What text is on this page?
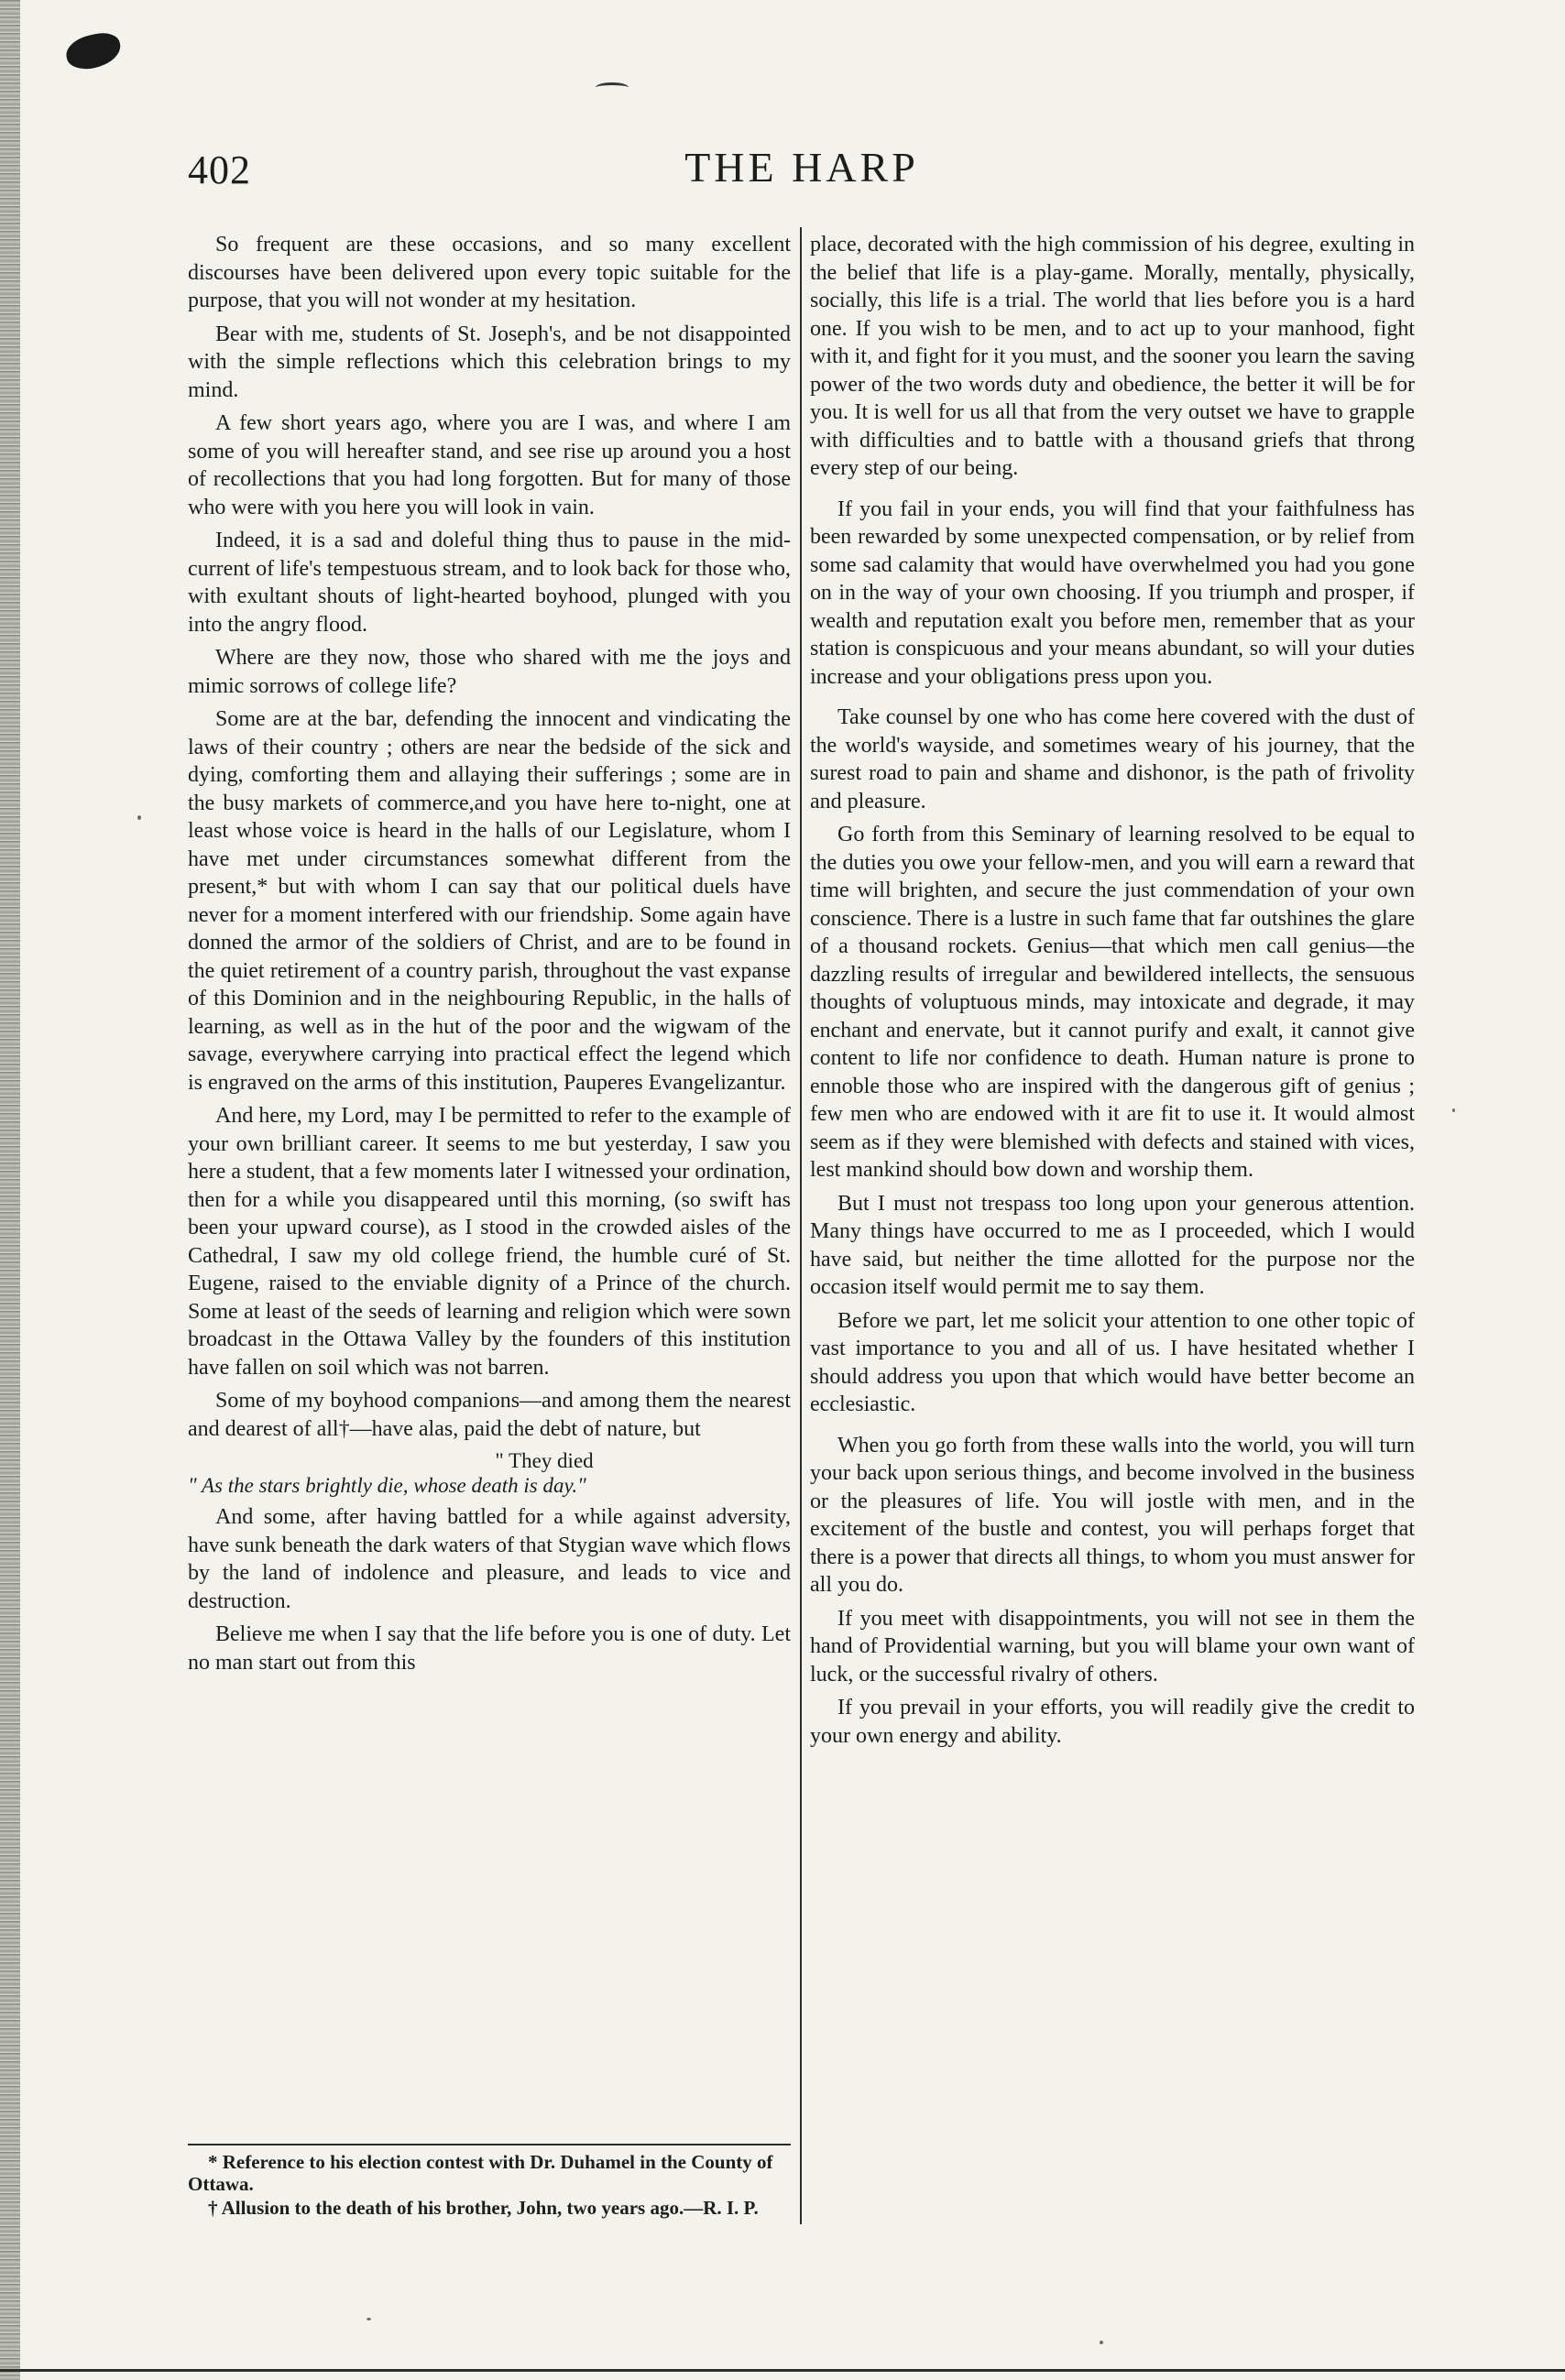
402	THE HARP

So frequent are these occasions, and so many excellent discourses have been delivered upon every topic suitable for the purpose, that you will not wonder at my hesitation.

Bear with me, students of St. Joseph's, and be not disappointed with the simple reflections which this celebration brings to my mind.

A few short years ago, where you are I was, and where I am some of you will hereafter stand, and see rise up around you a host of recollections that you had long forgotten. But for many of those who were with you here you will look in vain.

Indeed, it is a sad and doleful thing thus to pause in the mid-current of life's tempestuous stream, and to look back for those who, with exultant shouts of light-hearted boyhood, plunged with you into the angry flood.

Where are they now, those who shared with me the joys and mimic sorrows of college life?

Some are at the bar, defending the innocent and vindicating the laws of their country ; others are near the bedside of the sick and dying, comforting them and allaying their sufferings ; some are in the busy markets of commerce,and you have here to-night, one at least whose voice is heard in the halls of our Legislature, whom I have met under circumstances somewhat different from the present,* but with whom I can say that our political duels have never for a moment interfered with our friendship. Some again have donned the armor of the soldiers of Christ, and are to be found in the quiet retirement of a country parish, throughout the vast expanse of this Dominion and in the neighbouring Republic, in the halls of learning, as well as in the hut of the poor and the wigwam of the savage, everywhere carrying into practical effect the legend which is engraved on the arms of this institution, Pauperes Evangelizantur.

And here, my Lord, may I be permitted to refer to the example of your own brilliant career. It seems to me but yesterday, I saw you here a student, that a few moments later I witnessed your ordination, then for a while you disappeared until this morning, (so swift has been your upward course), as I stood in the crowded aisles of the Cathedral, I saw my old college friend, the humble curé of St. Eugene, raised to the enviable dignity of a Prince of the church. Some at least of the seeds of learning and religion which were sown broadcast in the Ottawa Valley by the founders of this institution have fallen on soil which was not barren.

Some of my boyhood companions—and among them the nearest and dearest of all†—have alas, paid the debt of nature, but

" They died
" As the stars brightly die, whose death is day."

And some, after having battled for a while against adversity, have sunk beneath the dark waters of that Stygian wave which flows by the land of indolence and pleasure, and leads to vice and destruction.

Believe me when I say that the life before you is one of duty. Let no man start out from this

* Reference to his election contest with Dr. Duhamel in the County of Ottawa.

† Allusion to the death of his brother, John, two years ago.—R. I. P.

place, decorated with the high commission of his degree, exulting in the belief that life is a play-game. Morally, mentally, physically, socially, this life is a trial. The world that lies before you is a hard one. If you wish to be men, and to act up to your manhood, fight with it, and fight for it you must, and the sooner you learn the saving power of the two words duty and obedience, the better it will be for you. It is well for us all that from the very outset we have to grapple with difficulties and to battle with a thousand griefs that throng every step of our being.

If you fail in your ends, you will find that your faithfulness has been rewarded by some unexpected compensation, or by relief from some sad calamity that would have overwhelmed you had you gone on in the way of your own choosing. If you triumph and prosper, if wealth and reputation exalt you before men, remember that as your station is conspicuous and your means abundant, so will your duties increase and your obligations press upon you.

Take counsel by one who has come here covered with the dust of the world's wayside, and sometimes weary of his journey, that the surest road to pain and shame and dishonor, is the path of frivolity and pleasure.

Go forth from this Seminary of learning resolved to be equal to the duties you owe your fellow-men, and you will earn a reward that time will brighten, and secure the just commendation of your own conscience. There is a lustre in such fame that far outshines the glare of a thousand rockets. Genius—that which men call genius—the dazzling results of irregular and bewildered intellects, the sensuous thoughts of voluptuous minds, may intoxicate and degrade, it may enchant and enervate, but it cannot purify and exalt, it cannot give content to life nor confidence to death. Human nature is prone to ennoble those who are inspired with the dangerous gift of genius ; few men who are endowed with it are fit to use it. It would almost seem as if they were blemished with defects and stained with vices, lest mankind should bow down and worship them.

But I must not trespass too long upon your generous attention. Many things have occurred to me as I proceeded, which I would have said, but neither the time allotted for the purpose nor the occasion itself would permit me to say them.

Before we part, let me solicit your attention to one other topic of vast importance to you and all of us. I have hesitated whether I should address you upon that which would have better become an ecclesiastic.

When you go forth from these walls into the world, you will turn your back upon serious things, and become involved in the business or the pleasures of life. You will jostle with men, and in the excitement of the bustle and contest, you will perhaps forget that there is a power that directs all things, to whom you must answer for all you do.

If you meet with disappointments, you will not see in them the hand of Providential warning, but you will blame your own want of luck, or the successful rivalry of others.

If you prevail in your efforts, you will readily give the credit to your own energy and ability.
